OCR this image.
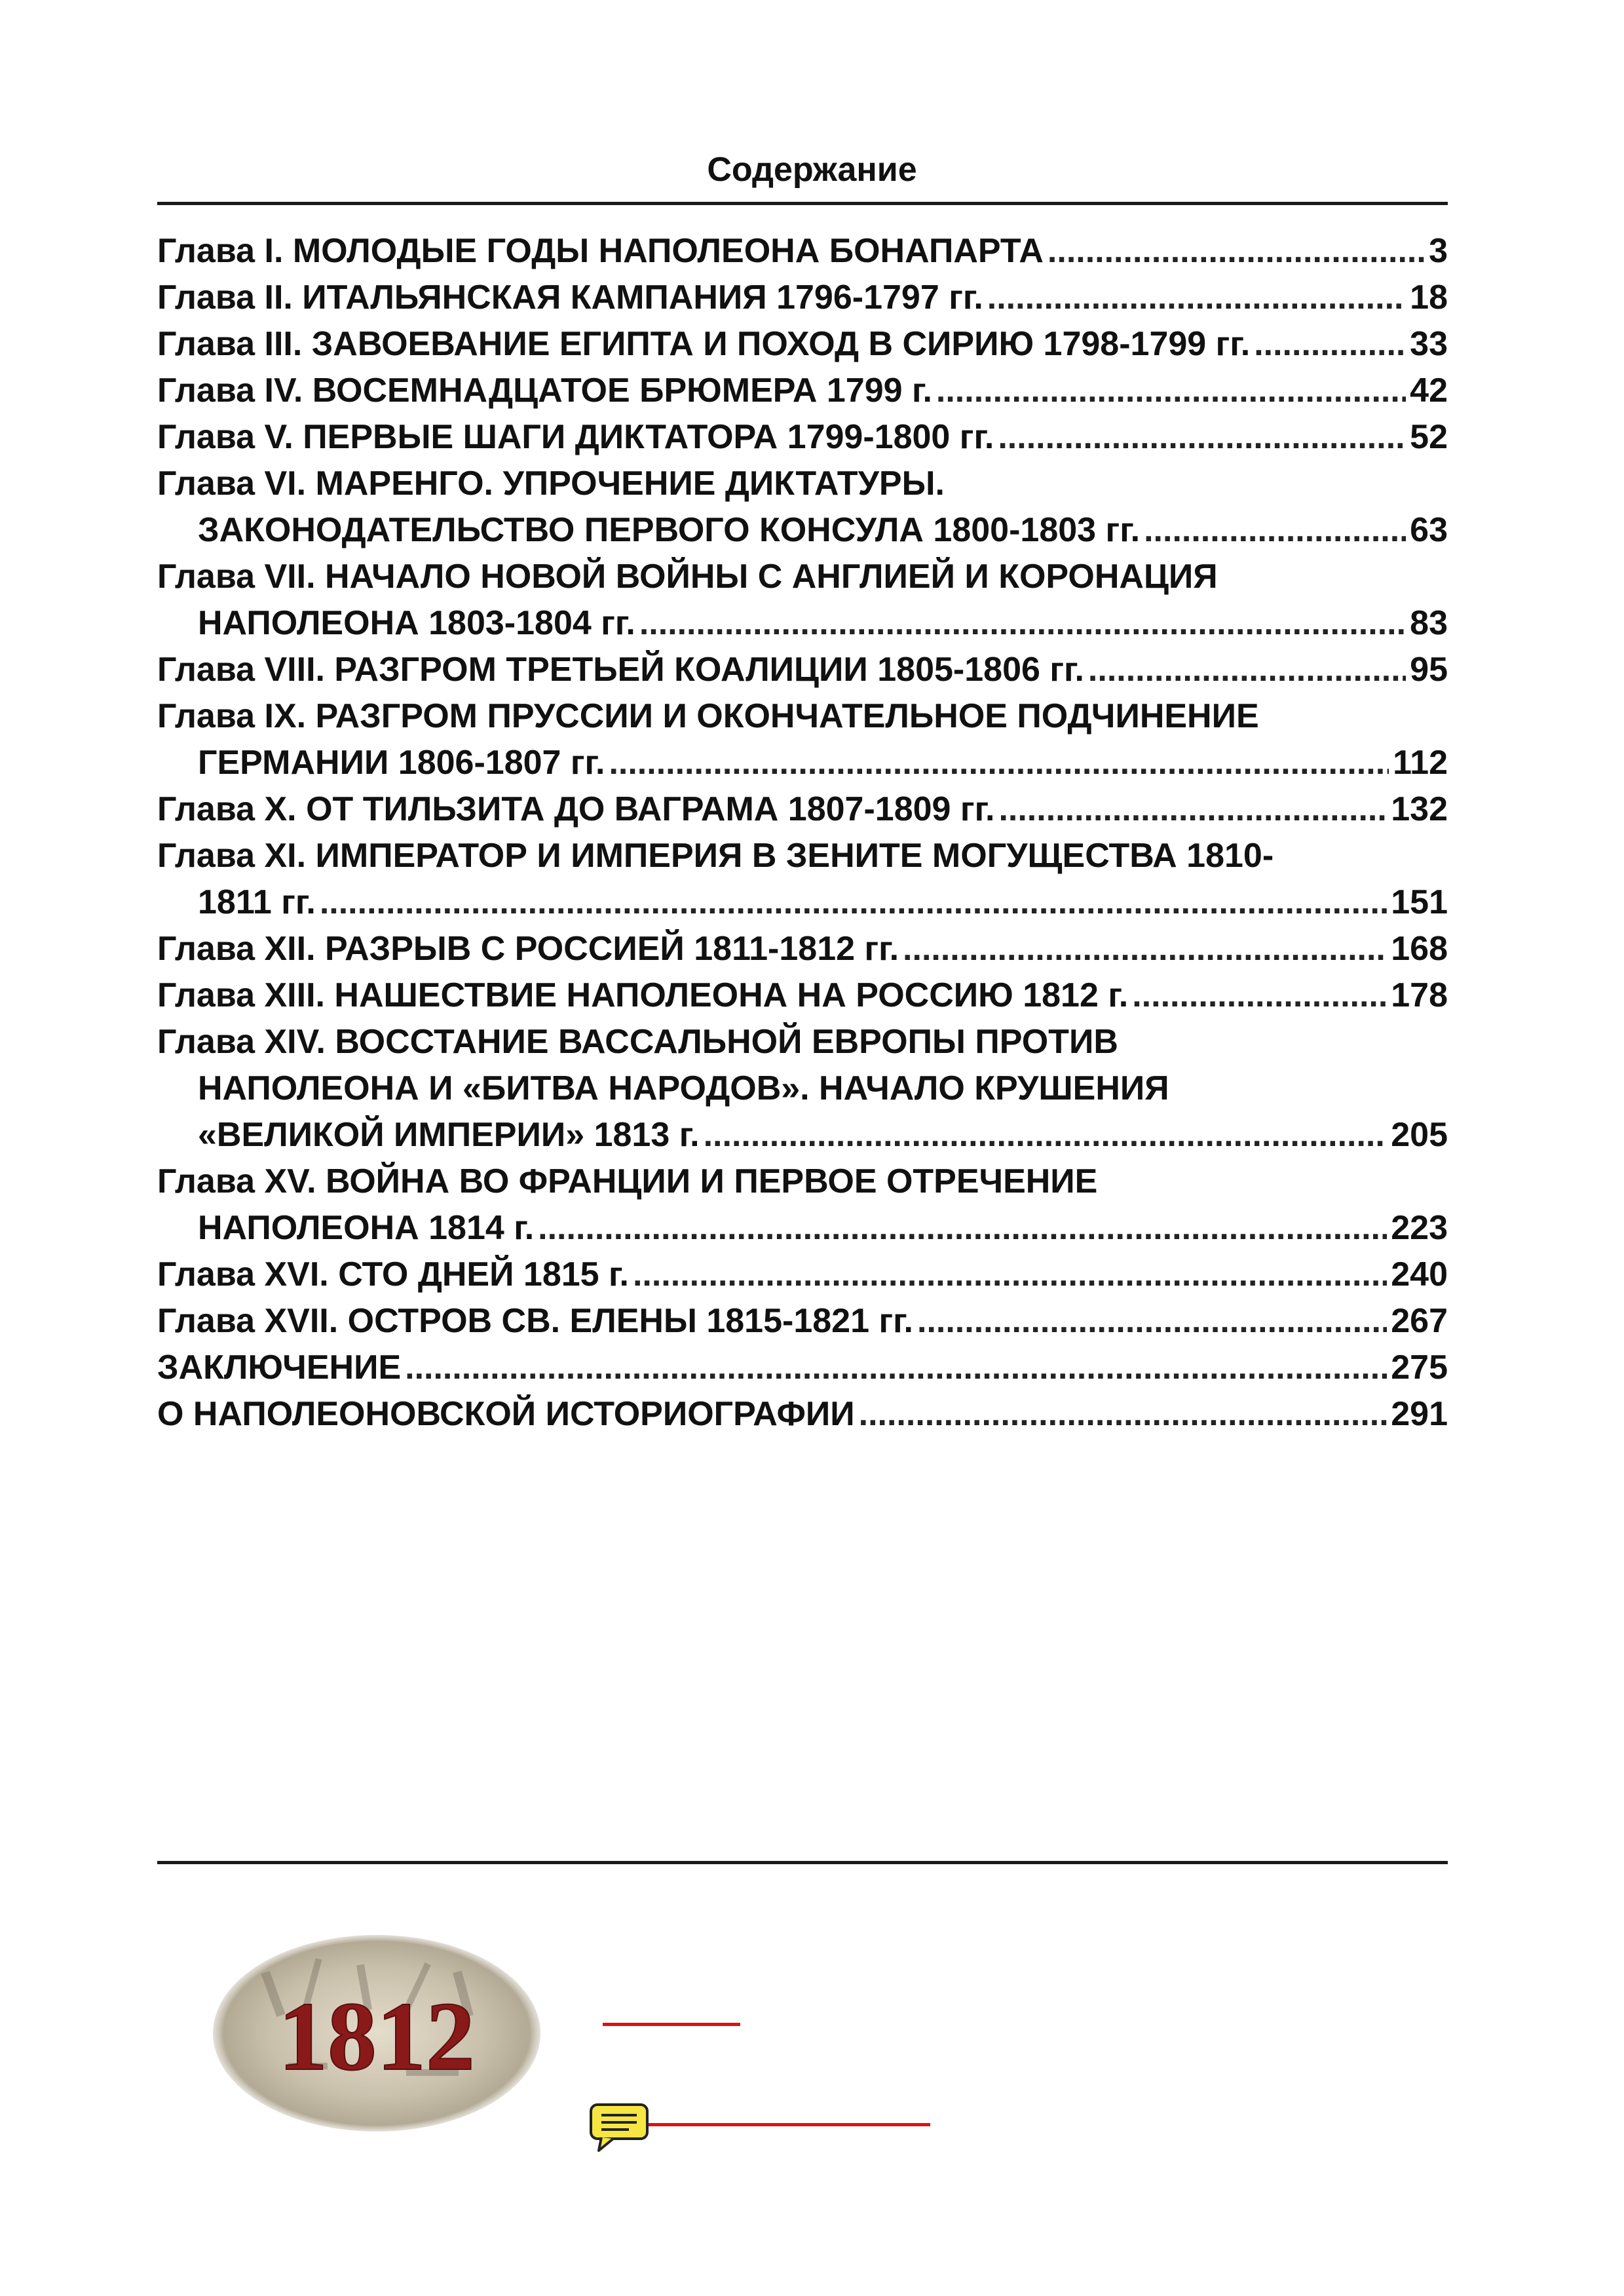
Содержание
Глава I. МОЛОДЫЕ ГОДЫ НАПОЛЕОНА БОНАПАРТА .....	3
Глава II. ИТАЛЬЯНСКАЯ КАМПАНИЯ 1796-1797 гг. .....	18
Глава III. ЗАВОЕВАНИЕ ЕГИПТА И ПОХОД В СИРИЮ 1798-1799 гг. .....	33
Глава IV. ВОСЕМНАДЦАТОЕ БРЮМЕРА 1799 г. .....	42
Глава V. ПЕРВЫЕ ШАГИ ДИКТАТОРА 1799-1800 гг. .....	52
Глава VI. МАРЕНГО. УПРОЧЕНИЕ ДИКТАТУРЫ.
ЗАКОНОДАТЕЛЬСТВО ПЕРВОГО КОНСУЛА 1800-1803 гг. .....	63
Глава VII. НАЧАЛО НОВОЙ ВОЙНЫ С АНГЛИЕЙ И КОРОНАЦИЯ
НАПОЛЕОНА 1803-1804 гг. .....	83
Глава VIII. РАЗГРОМ ТРЕТЬЕЙ КОАЛИЦИИ 1805-1806 гг. .....	95
Глава IX. РАЗГРОМ ПРУССИИ И ОКОНЧАТЕЛЬНОЕ ПОДЧИНЕНИЕ
ГЕРМАНИИ 1806-1807 гг. .....	112
Глава X. ОТ ТИЛЬЗИТА ДО ВАГРАМА 1807-1809 гг. .....	132
Глава XI. ИМПЕРАТОР И ИМПЕРИЯ В ЗЕНИТЕ МОГУЩЕСТВА 1810-
1811 гг. .....	151
Глава XII. РАЗРЫВ С РОССИЕЙ 1811-1812 гг. .....	168
Глава XIII. НАШЕСТВИЕ НАПОЛЕОНА НА РОССИЮ 1812 г. .....	178
Глава XIV. ВОССТАНИЕ ВАССАЛЬНОЙ ЕВРОПЫ ПРОТИВ
НАПОЛЕОНА И «БИТВА НАРОДОВ». НАЧАЛО КРУШЕНИЯ
«ВЕЛИКОЙ ИМПЕРИИ» 1813 г. .....	205
Глава XV. ВОЙНА ВО ФРАНЦИИ И ПЕРВОЕ ОТРЕЧЕНИЕ
НАПОЛЕОНА 1814 г. .....	223
Глава XVI. СТО ДНЕЙ 1815 г. .....	240
Глава XVII. ОСТРОВ СВ. ЕЛЕНЫ 1815-1821 гг. .....	267
ЗАКЛЮЧЕНИЕ .....	275
О НАПОЛЕОНОВСКОЙ ИСТОРИОГРАФИИ .....	291
1812
